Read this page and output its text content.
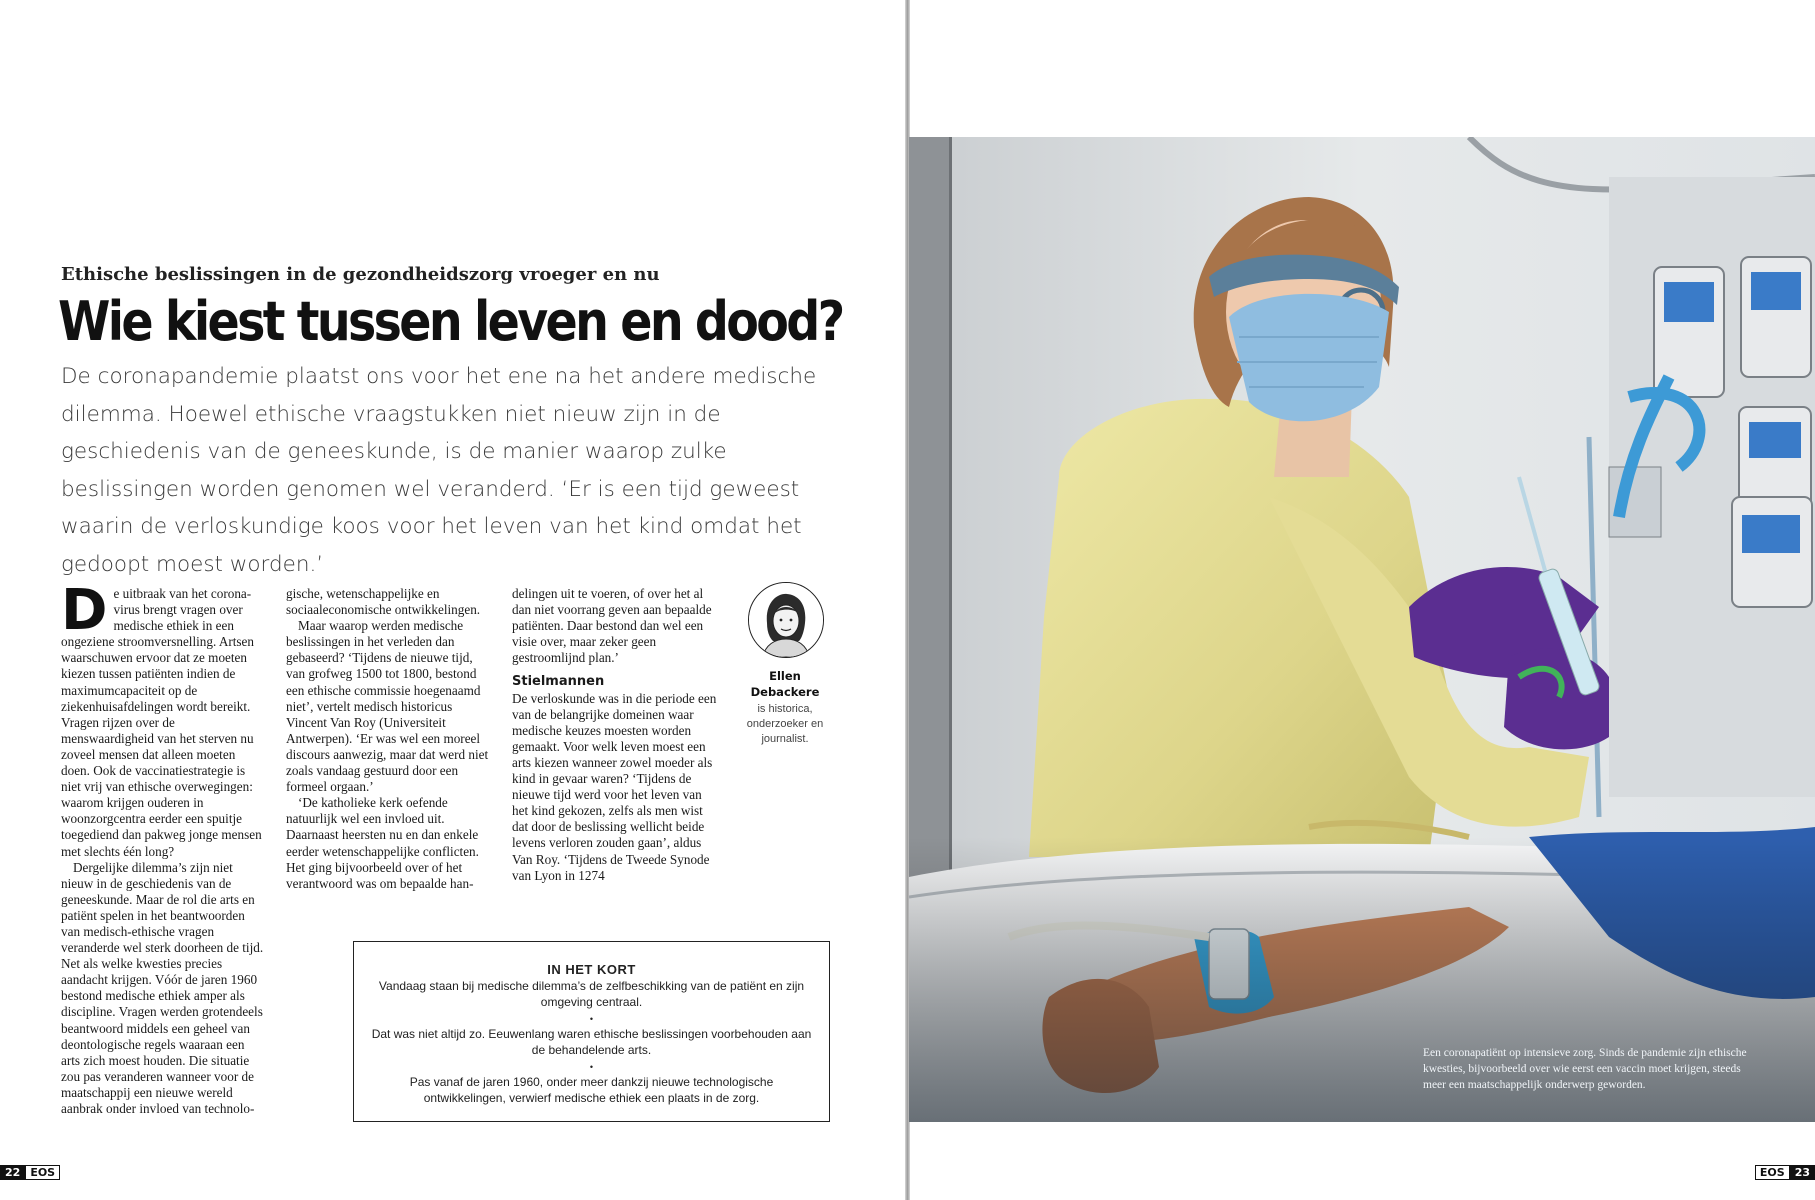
Ethische beslissingen in de gezondheidszorg vroeger en nu
Wie kiest tussen leven en dood?
De coronapandemie plaatst ons voor het ene na het andere medische dilemma. Hoewel ethische vraagstukken niet nieuw zijn in de geschiedenis van de geneeskunde, is de manier waarop zulke beslissingen worden genomen wel veranderd. ‘Er is een tijd geweest waarin de verloskundige koos voor het leven van het kind omdat het gedoopt moest worden.’
D e uitbraak van het corona-virus brengt vragen over medische ethiek in een ongeziene stroomversnelling. Artsen waarschuwen ervoor dat ze moeten kiezen tussen patiënten indien de maximumcapaciteit op de ziekenhuisafdelingen wordt bereikt. Vragen rijzen over de menswaardigheid van het sterven nu zoveel mensen dat alleen moeten doen. Ook de vaccinatiestrategie is niet vrij van ethische overwegingen: waarom krijgen ouderen in woonzorgcentra eerder een spuitje toegediend dan pakweg jonge mensen met slechts één long?

Dergelijke dilemma’s zijn niet nieuw in de geschiedenis van de geneeskunde. Maar de rol die arts en patiënt spelen in het beantwoorden van medisch-ethische vragen veranderde wel sterk doorheen de tijd. Net als welke kwesties precies aandacht krijgen. Vóór de jaren 1960 bestond medische ethiek amper als discipline. Vragen werden grotendeels beantwoord middels een geheel van deontologische regels waaraan een arts zich moest houden. Die situatie zou pas veranderen wanneer voor de maatschappij een nieuwe wereld aanbrak onder invloed van technolo-

gische, wetenschappelijke en sociaaleconomische ontwikkelingen.

Maar waarop werden medische beslissingen in het verleden dan gebaseerd? ‘Tijdens de nieuwe tijd, van grofweg 1500 tot 1800, bestond een ethische commissie hoegenaamd niet’, vertelt medisch historicus Vincent Van Roy (Universiteit Antwerpen). ‘Er was wel een moreel discours aanwezig, maar dat werd niet zoals vandaag gestuurd door een formeel orgaan.’

‘De katholieke kerk oefende natuurlijk wel een invloed uit. Daarnaast heersten nu en dan enkele eerder wetenschappelijke conflicten. Het ging bijvoorbeeld over of het verantwoord was om bepaalde han-

delingen uit te voeren, of over het al dan niet voorrang geven aan bepaalde patiënten. Daar bestond dan wel een visie over, maar zeker geen gestroomlijnd plan.’

Stielmannen

De verloskunde was in die periode een van de belangrijke domeinen waar medische keuzes moesten worden gemaakt. Voor welk leven moest een arts kiezen wanneer zowel moeder als kind in gevaar waren? ‘Tijdens de nieuwe tijd werd voor het leven van het kind gekozen, zelfs als men wist dat door de beslissing wellicht beide levens verloren zouden gaan’, aldus Van Roy. ‘Tijdens de Tweede Synode van Lyon in 1274

Ellen
Debackere
is historica, onderzoeker en journalist.
IN HET KORT
Vandaag staan bij medische dilemma’s de zelfbeschikking van de patiënt en zijn omgeving centraal.
•
Dat was niet altijd zo. Eeuwenlang waren ethische beslissingen voorbehouden aan de behandelende arts.
•
Pas vanaf de jaren 1960, onder meer dankzij nieuwe technologische ontwikkelingen, verwierf medische ethiek een plaats in de zorg.
22 EOS	EOS 23
Een coronapatiënt op intensieve zorg. Sinds de pandemie zijn ethische kwesties, bijvoorbeeld over wie eerst een vaccin moet krijgen, steeds meer een maatschappelijk onderwerp geworden.
